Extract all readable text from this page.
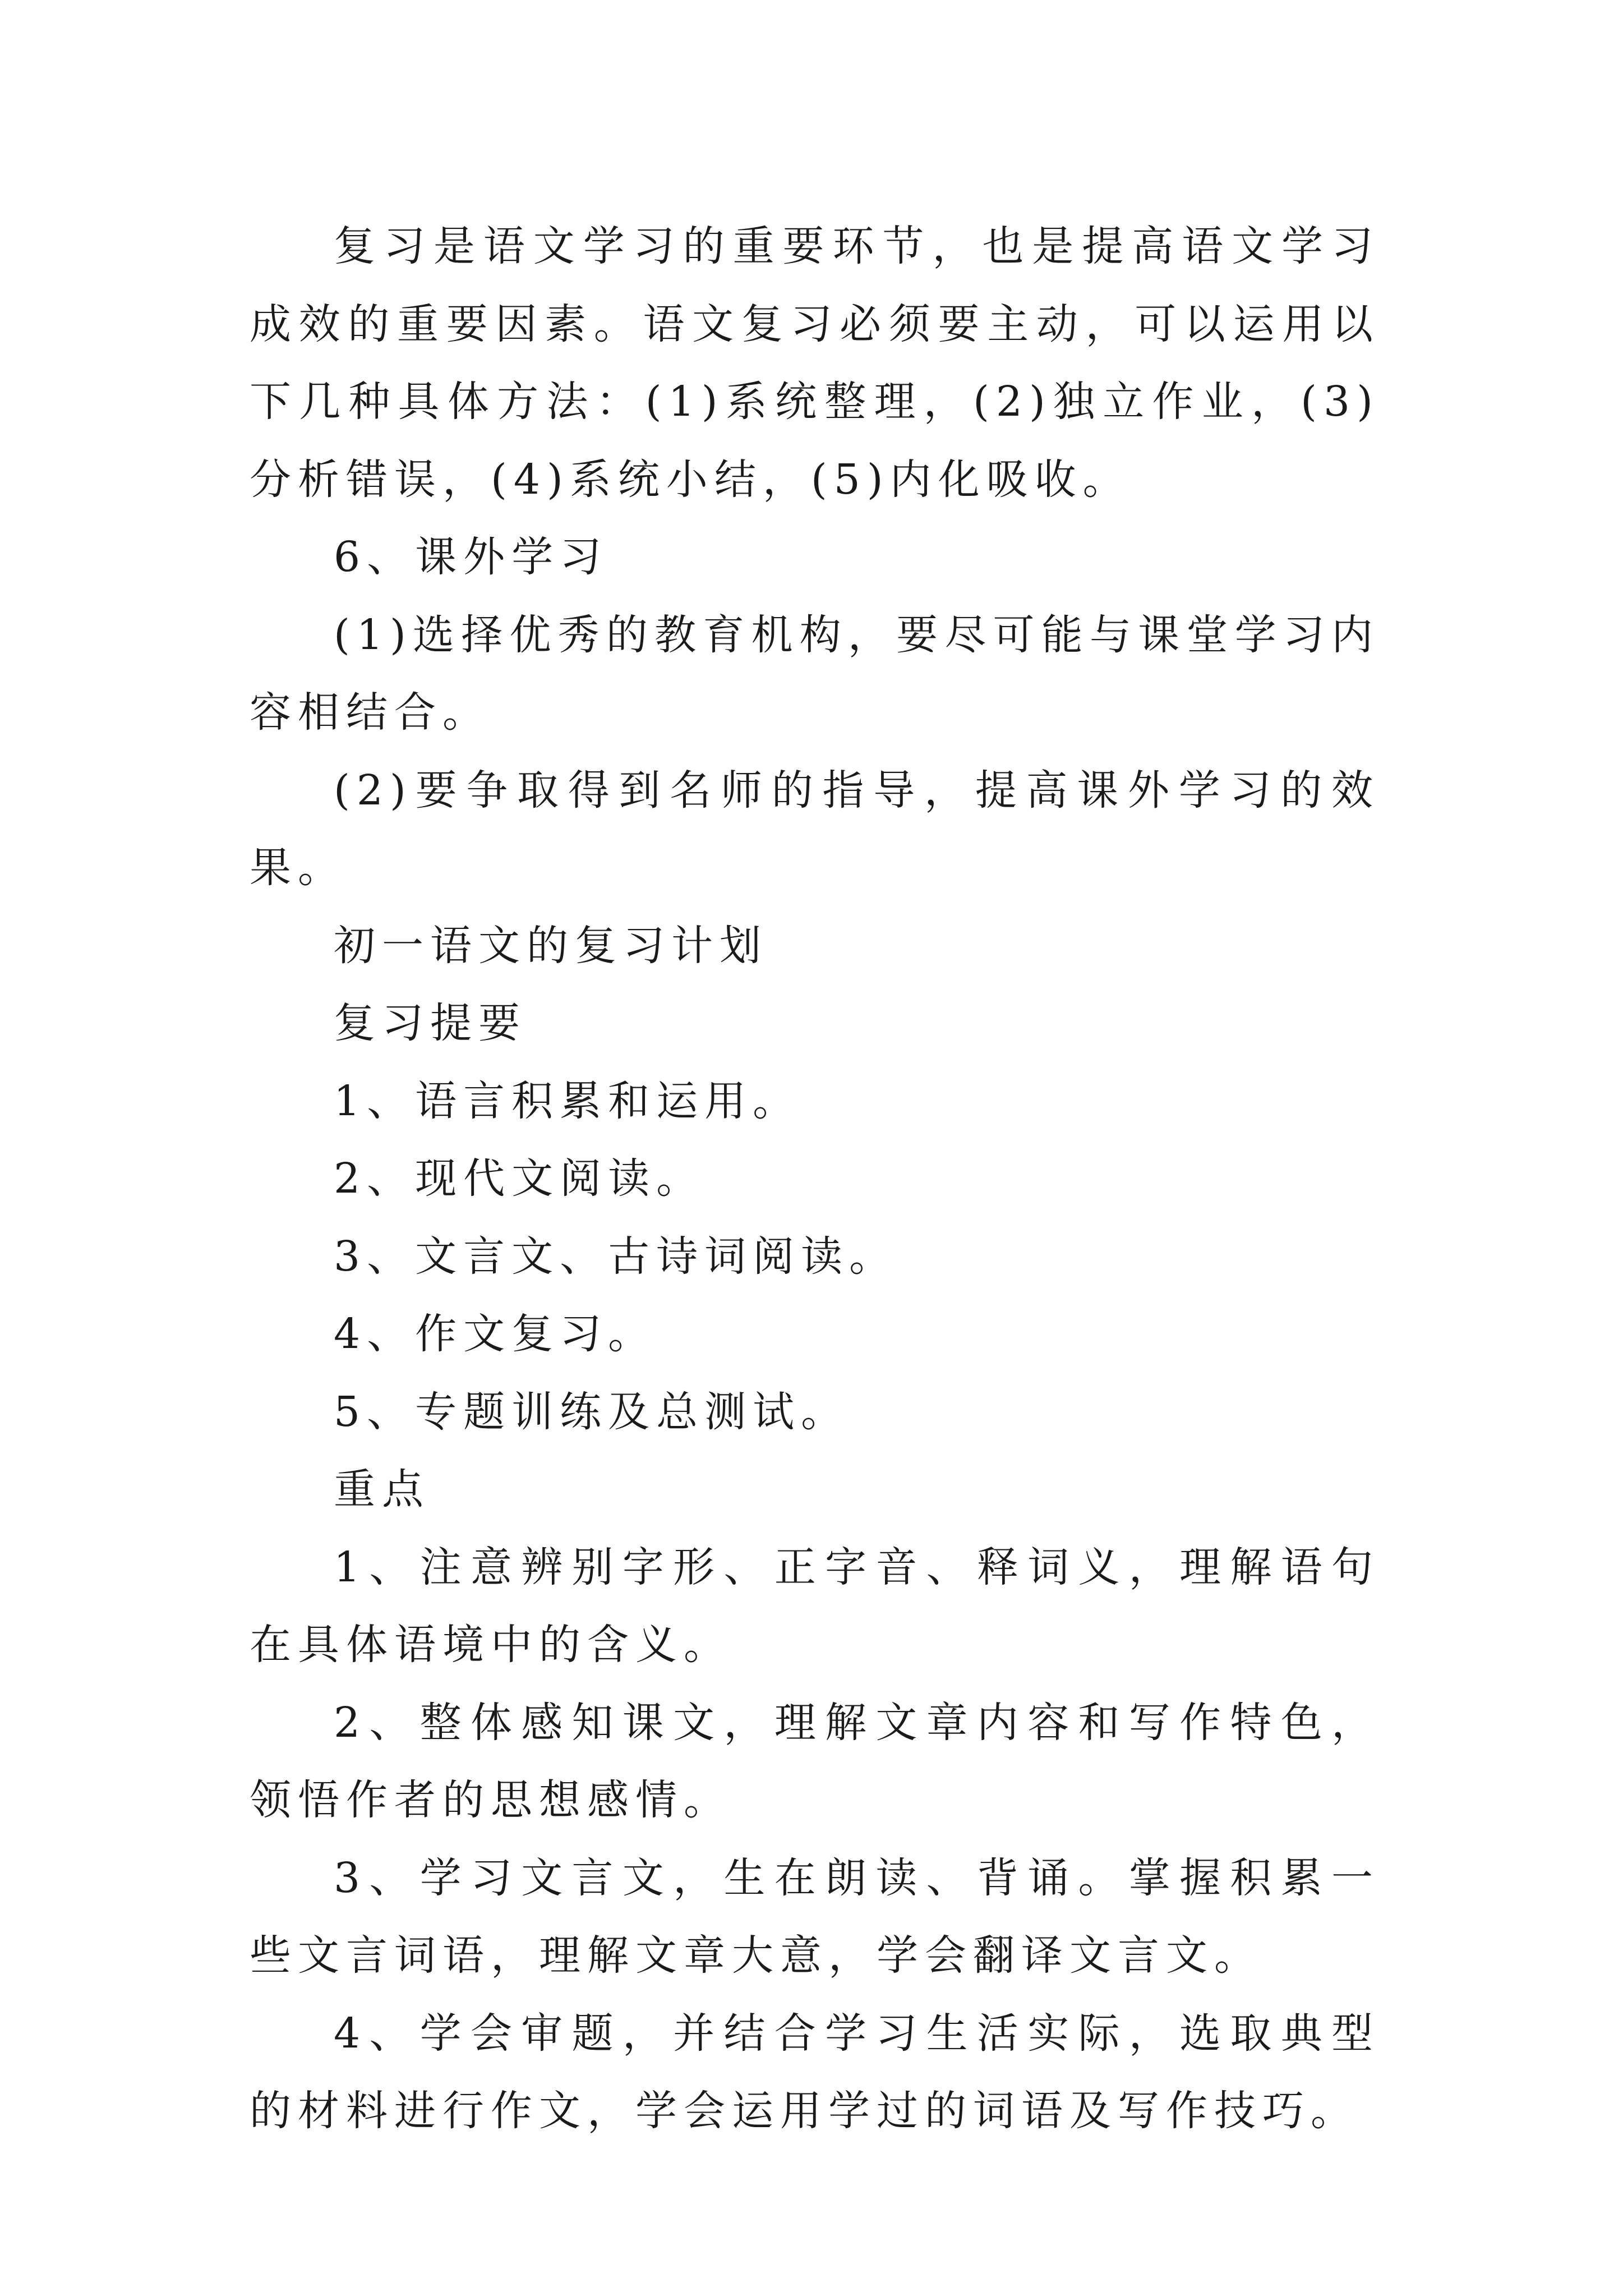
复习是语文学习的重要环节，也是提高语文学习成效的重要因素。语文复习必须要主动，可以运用以下几种具体方法：(1)系统整理，(2)独立作业，(3)分析错误，(4)系统小结，(5)内化吸收。

6、课外学习

(1)选择优秀的教育机构，要尽可能与课堂学习内容相结合。

(2)要争取得到名师的指导，提高课外学习的效果。

初一语文的复习计划

复习提要

1、语言积累和运用。

2、现代文阅读。

3、文言文、古诗词阅读。

4、作文复习。

5、专题训练及总测试。

重点

1、注意辨别字形、正字音、释词义，理解语句在具体语境中的含义。

2、整体感知课文，理解文章内容和写作特色，领悟作者的思想感情。

3、学习文言文，生在朗读、背诵。掌握积累一些文言词语，理解文章大意，学会翻译文言文。

4、学会审题，并结合学习生活实际，选取典型的材料进行作文，学会运用学过的词语及写作技巧。
